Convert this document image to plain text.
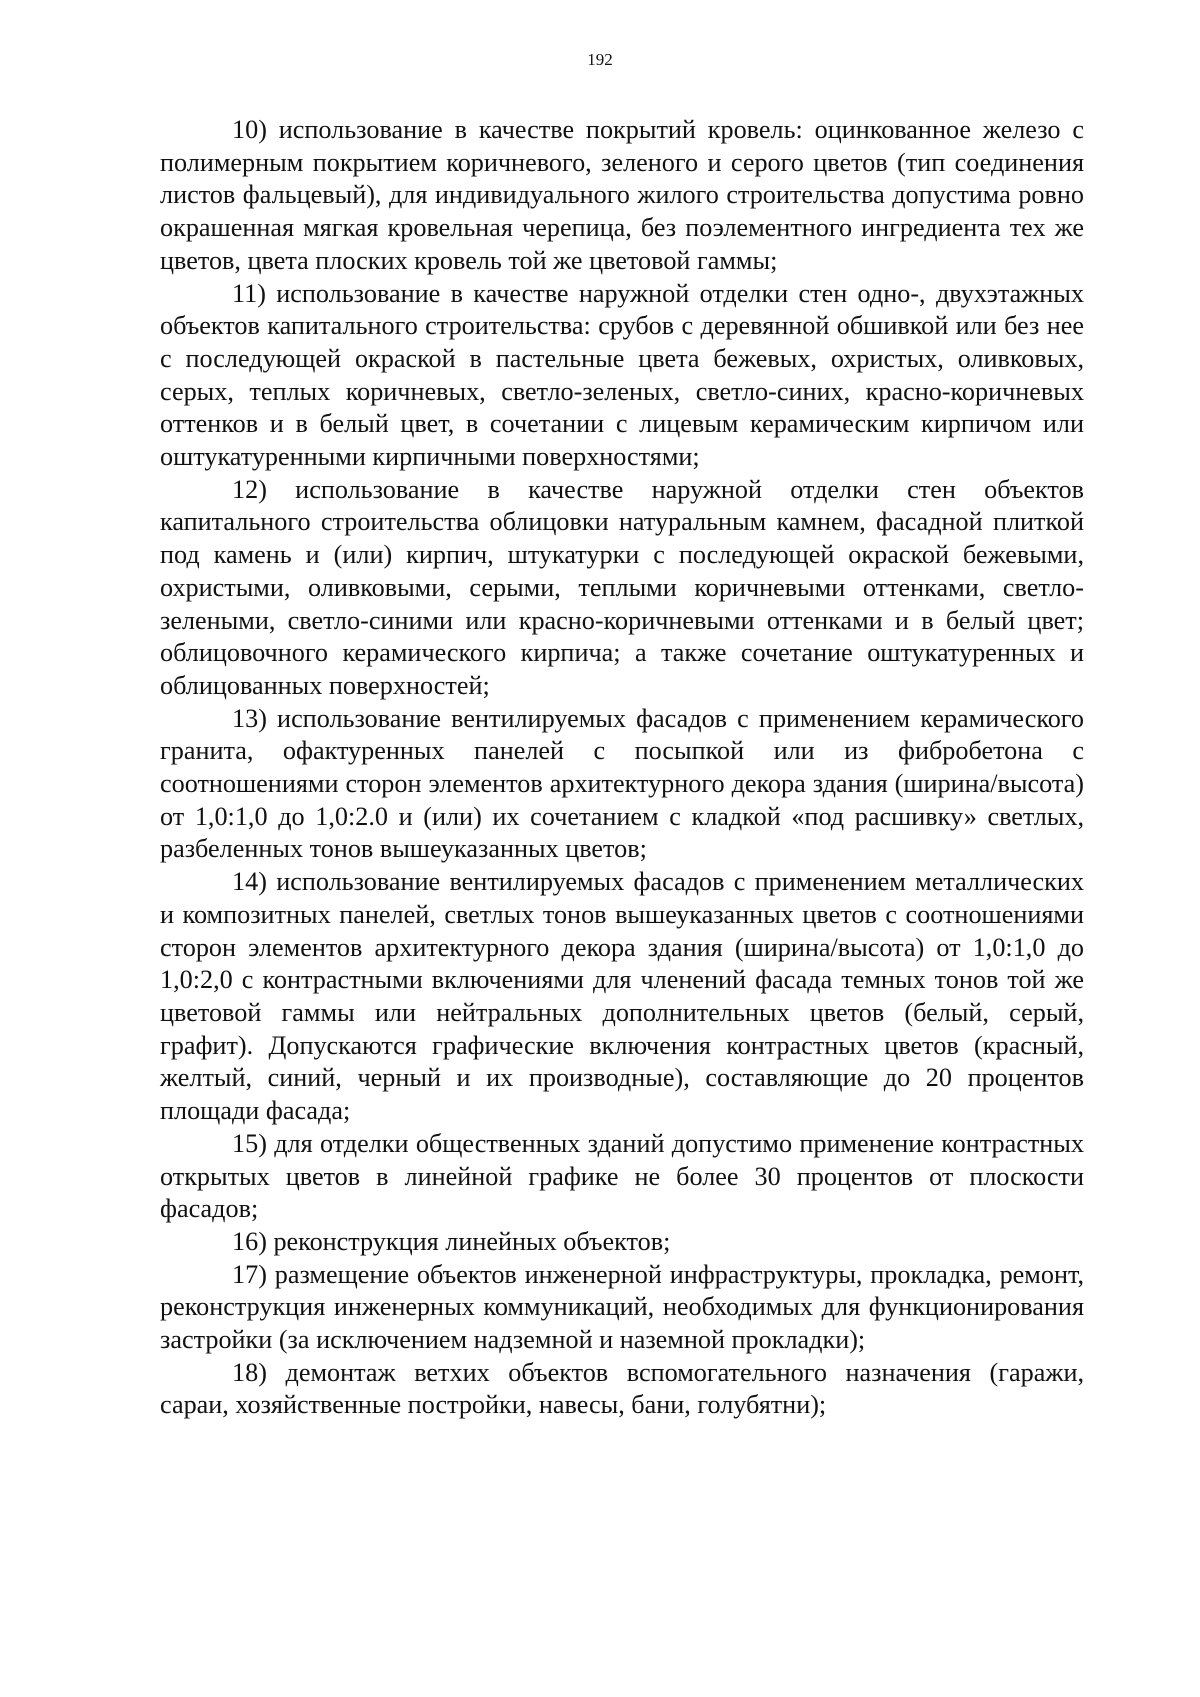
192

10) использование в качестве покрытий кровель: оцинкованное железо с полимерным покрытием коричневого, зеленого и серого цветов (тип соединения листов фальцевый), для индивидуального жилого строительства допустима ровно окрашенная мягкая кровельная черепица, без поэлементного ингредиента тех же цветов, цвета плоских кровель той же цветовой гаммы;

11) использование в качестве наружной отделки стен одно-, двухэтажных объектов капитального строительства: срубов с деревянной обшивкой или без нее с последующей окраской в пастельные цвета бежевых, охристых, оливковых, серых, теплых коричневых, светло-зеленых, светло-синих, красно-коричневых оттенков и в белый цвет, в сочетании с лицевым керамическим кирпичом или оштукатуренными кирпичными поверхностями;

12) использование в качестве наружной отделки стен объектов капитального строительства облицовки натуральным камнем, фасадной плиткой под камень и (или) кирпич, штукатурки с последующей окраской бежевыми, охристыми, оливковыми, серыми, теплыми коричневыми оттенками, светло-зелеными, светло-синими или красно-коричневыми оттенками и в белый цвет; облицовочного керамического кирпича; а также сочетание оштукатуренных и облицованных поверхностей;

13) использование вентилируемых фасадов с применением керамического гранита, офактуренных панелей с посыпкой или из фибробетона с соотношениями сторон элементов архитектурного декора здания (ширина/высота) от 1,0:1,0 до 1,0:2.0 и (или) их сочетанием с кладкой «под расшивку» светлых, разбеленных тонов вышеуказанных цветов;

14) использование вентилируемых фасадов с применением металлических и композитных панелей, светлых тонов вышеуказанных цветов с соотношениями сторон элементов архитектурного декора здания (ширина/высота) от 1,0:1,0 до 1,0:2,0 с контрастными включениями для членений фасада темных тонов той же цветовой гаммы или нейтральных дополнительных цветов (белый, серый, графит). Допускаются графические включения контрастных цветов (красный, желтый, синий, черный и их производные), составляющие до 20 процентов площади фасада;

15) для отделки общественных зданий допустимо применение контрастных открытых цветов в линейной графике не более 30 процентов от плоскости фасадов;

16) реконструкция линейных объектов;

17) размещение объектов инженерной инфраструктуры, прокладка, ремонт, реконструкция инженерных коммуникаций, необходимых для функционирования застройки (за исключением надземной и наземной прокладки);

18) демонтаж ветхих объектов вспомогательного назначения (гаражи, сараи, хозяйственные постройки, навесы, бани, голубятни);
